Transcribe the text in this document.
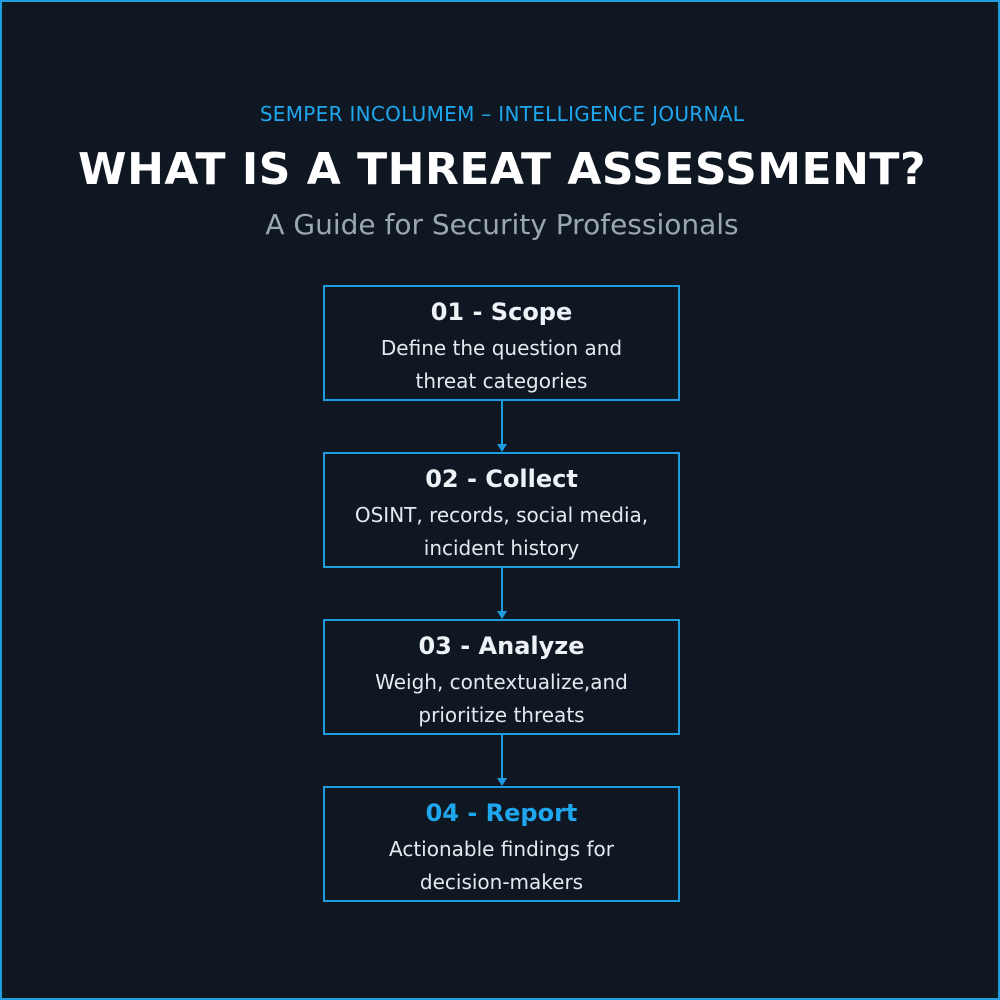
SEMPER INCOLUMEM – INTELLIGENCE JOURNAL
WHAT IS A THREAT ASSESSMENT?
A Guide for Security Professionals
01 - Scope
Define the question and
threat categories
02 - Collect
OSINT, records, social media,
incident history
03 - Analyze
Weigh, contextualize,and
prioritize threats
04 - Report
Actionable findings for
decision-makers
